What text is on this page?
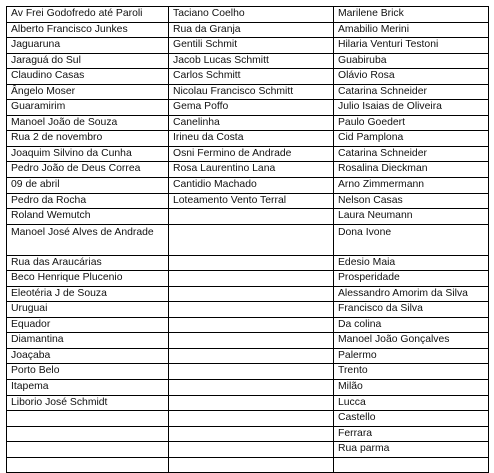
Av Frei Godofredo até Paroli	Taciano Coelho	Marilene Brick
Alberto Francisco Junkes	Rua da Granja	Amabilio Merini
Jaguaruna	Gentili Schmit	Hilaria Venturi Testoni
Jaraguá do Sul	Jacob Lucas Schmitt	Guabiruba
Claudino Casas	Carlos Schmitt	Olávio Rosa
Ângelo Moser	Nicolau Francisco Schmitt	Catarina Schneider
Guaramirim	Gema Poffo	Julio Isaias de Oliveira
Manoel João de Souza	Canelinha	Paulo Goedert
Rua 2 de novembro	Irineu da Costa	Cid Pamplona
Joaquim Silvino da Cunha	Osni Fermino de Andrade	Catarina Schneider
Pedro João de Deus Correa	Rosa Laurentino Lana	Rosalina Dieckman
09 de abril	Cantidio Machado	Arno Zimmermann
Pedro da Rocha	Loteamento Vento Terral	Nelson Casas
Roland Wemutch		Laura Neumann
Manoel José Alves de Andrade		Dona Ivone
Rua das Araucárias		Edesio Maia
Beco Henrique Plucenio		Prosperidade
Eleotéria J de Souza		Alessandro Amorim da Silva
Uruguai		Francisco da Silva
Equador		Da colina
Diamantina		Manoel João Gonçalves
Joaçaba		Palermo
Porto Belo		Trento
Itapema		Milão
Liborio José Schmidt		Lucca
		Castello
		Ferrara
		Rua parma
